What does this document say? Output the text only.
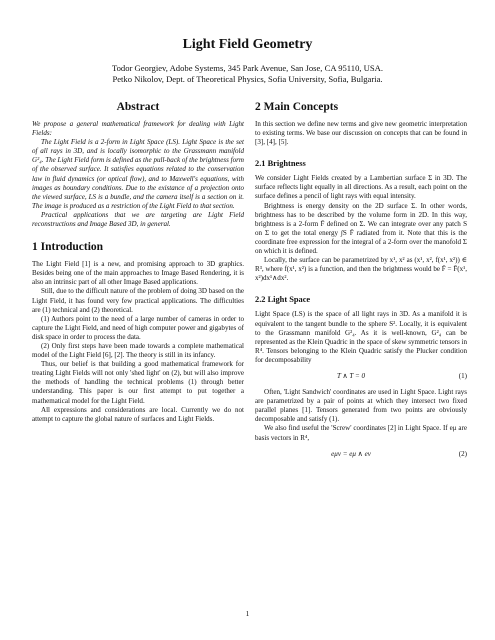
Light Field Geometry
Todor Georgiev, Adobe Systems, 345 Park Avenue, San Jose, CA 95110, USA.
Petko Nikolov, Dept. of Theoretical Physics, Sofia University, Sofia, Bulgaria.
Abstract

We propose a general mathematical framework for dealing with Light Fields:

The Light Field is a 2-form in Light Space (LS). Light Space is the set of all rays in 3D, and is locally isomorphic to the Grassmann manifold G²₄. The Light Field form is defined as the pull-back of the brightness form of the observed surface. It satisfies equations related to the conservation law in fluid dynamics (or optical flow), and to Maxwell's equations, with images as boundary conditions. Due to the existance of a projection onto the viewed surface, LS is a bundle, and the camera itself is a section on it. The image is produced as a restriction of the Light Field to that section.

Practical applications that we are targeting are Light Field reconstructions and Image Based 3D, in general.

1 Introduction

The Light Field [1] is a new, and promising approach to 3D graphics. Besides being one of the main approaches to Image Based Rendering, it is also an intrinsic part of all other Image Based applications.

Still, due to the difficult nature of the problem of doing 3D based on the Light Field, it has found very few practical applications. The difficulties are (1) technical and (2) theoretical.

(1) Authors point to the need of a large number of cameras in order to capture the Light Field, and need of high computer power and gigabytes of disk space in order to process the data.

(2) Only first steps have been made towards a complete mathematical model of the Light Field [6], [2]. The theory is still in its infancy.

Thus, our belief is that building a good mathematical framework for treating Light Fields will not only 'shed light' on (2), but will also improve the methods of handling the technical problems (1) through better understanding. This paper is our first attempt to put together a mathematical model for the Light Field.

All expressions and considerations are local. Currently we do not attempt to capture the global nature of surfaces and Light Fields.

2 Main Concepts

In this section we define new terms and give new geometric interpretation to existing terms. We base our discussion on concepts that can be found in [3], [4], [5].

2.1 Brightness

We consider Light Fields created by a Lambertian surface Σ in 3D. The surface reflects light equally in all directions. As a result, each point on the surface defines a pencil of light rays with equal intensity.

Brightness is energy density on the 2D surface Σ. In other words, brightness has to be described by the volume form in 2D. In this way, brightness is a 2-form F̄ defined on Σ. We can integrate over any patch S on Σ to get the total energy ∫S F̄ radiated from it. Note that this is the coordinate free expression for the integral of a 2-form over the manofold Σ on which it is defined.

Locally, the surface can be parametrized by x¹, x² as (x¹, x², f(x¹, x²)) ∈ R³, where f(x¹, x²) is a function, and then the brightness would be F̄ = F̄(x¹, x²)dx¹∧dx².

2.2 Light Space

Light Space (LS) is the space of all light rays in 3D. As a manifold it is equivalent to the tangent bundle to the sphere S². Locally, it is equivalent to the Grassmann manifold G²₄. As it is well-known, G²₄ can be represented as the Klein Quadric in the space of skew symmetric tensors in R⁴. Tensors belonging to the Klein Quadric satisfy the Plucker condition for decomposability

T ∧ T = 0	(1)

Often, 'Light Sandwich' coordinates are used in Light Space. Light rays are parametrized by a pair of points at which they intersect two fixed parallel planes [1]. Tensors generated from two points are obviously decomposable and satisfy (1).

We also find useful the 'Screw' coordinates [2] in Light Space. If eμ are basis vectors in R⁴,

eμν = eμ ∧ eν	(2)
1
